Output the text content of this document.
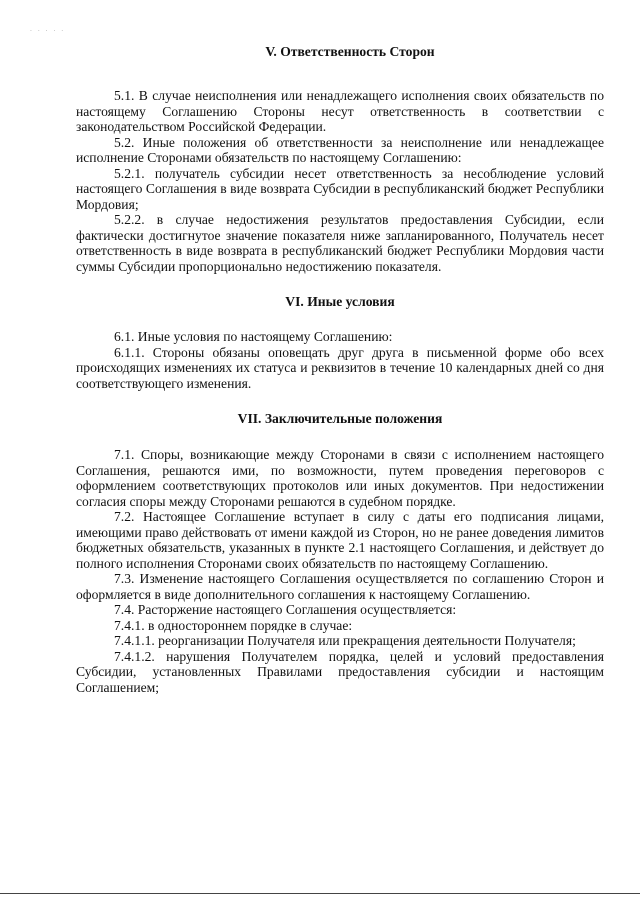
· · · · ·
V. Ответственность Сторон

5.1. В случае неисполнения или ненадлежащего исполнения своих обязательств по настоящему Соглашению Стороны несут ответственность в соответствии с законодательством Российской Федерации.

5.2. Иные положения об ответственности за неисполнение или ненадлежащее исполнение Сторонами обязательств по настоящему Соглашению:

5.2.1. получатель субсидии несет ответственность за несоблюдение условий настоящего Соглашения в виде возврата Субсидии в республиканский бюджет Республики Мордовия;

5.2.2. в случае недостижения результатов предоставления Субсидии, если фактически достигнутое значение показателя ниже запланированного, Получатель несет ответственность в виде возврата в республиканский бюджет Республики Мордовия части суммы Субсидии пропорционально недостижению показателя.

VI. Иные условия

6.1. Иные условия по настоящему Соглашению:

6.1.1. Стороны обязаны оповещать друг друга в письменной форме обо всех происходящих изменениях их статуса и реквизитов в течение 10 календарных дней со дня соответствующего изменения.

VII. Заключительные положения

7.1. Споры, возникающие между Сторонами в связи с исполнением настоящего Соглашения, решаются ими, по возможности, путем проведения переговоров с оформлением соответствующих протоколов или иных документов. При недостижении согласия споры между Сторонами решаются в судебном порядке.

7.2. Настоящее Соглашение вступает в силу с даты его подписания лицами, имеющими право действовать от имени каждой из Сторон, но не ранее доведения лимитов бюджетных обязательств, указанных в пункте 2.1 настоящего Соглашения, и действует до полного исполнения Сторонами своих обязательств по настоящему Соглашению.

7.3. Изменение настоящего Соглашения осуществляется по соглашению Сторон и оформляется в виде дополнительного соглашения к настоящему Соглашению.

7.4. Расторжение настоящего Соглашения осуществляется:

7.4.1. в одностороннем порядке в случае:

7.4.1.1. реорганизации Получателя или прекращения деятельности Получателя;

7.4.1.2. нарушения Получателем порядка, целей и условий предоставления Субсидии, установленных Правилами предоставления субсидии и настоящим Соглашением;
